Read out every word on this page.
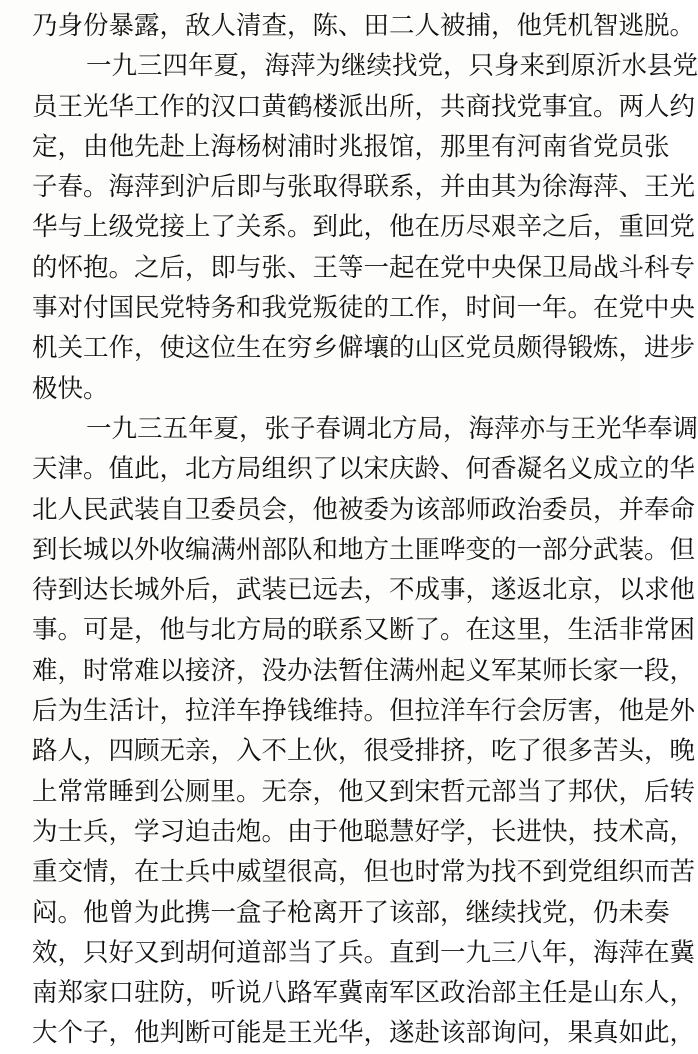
乃身份暴露，敌人清查，陈、田二人被捕，他凭机智逃脱。
一九三四年夏，海萍为继续找党，只身来到原沂水县党
员王光华工作的汉口黄鹤楼派出所，共商找党事宜。两人约
定，由他先赴上海杨树浦时兆报馆，那里有河南省党员张
子春。海萍到沪后即与张取得联系，并由其为徐海萍、王光
华与上级党接上了关系。到此，他在历尽艰辛之后，重回党
的怀抱。之后，即与张、王等一起在党中央保卫局战斗科专
事对付国民党特务和我党叛徒的工作，时间一年。在党中央
机关工作，使这位生在穷乡僻壤的山区党员颇得锻炼，进步
极快。
一九三五年夏，张子春调北方局，海萍亦与王光华奉调
天津。值此，北方局组织了以宋庆龄、何香凝名义成立的华
北人民武装自卫委员会，他被委为该部师政治委员，并奉命
到长城以外收编满州部队和地方土匪哗变的一部分武装。但
待到达长城外后，武装已远去，不成事，遂返北京，以求他
事。可是，他与北方局的联系又断了。在这里，生活非常困
难，时常难以接济，没办法暂住满州起义军某师长家一段，
后为生活计，拉洋车挣钱维持。但拉洋车行会厉害，他是外
路人，四顾无亲，入不上伙，很受排挤，吃了很多苦头，晚
上常常睡到公厕里。无奈，他又到宋哲元部当了邦伏，后转
为士兵，学习迫击炮。由于他聪慧好学，长进快，技术高，
重交情，在士兵中威望很高，但也时常为找不到党组织而苦
闷。他曾为此携一盒子枪离开了该部，继续找党，仍未奏
效，只好又到胡何道部当了兵。直到一九三八年，海萍在冀
南郑家口驻防，听说八路军冀南军区政治部主任是山东人，
大个子，他判断可能是王光华，遂赴该部询问，果真如此，
